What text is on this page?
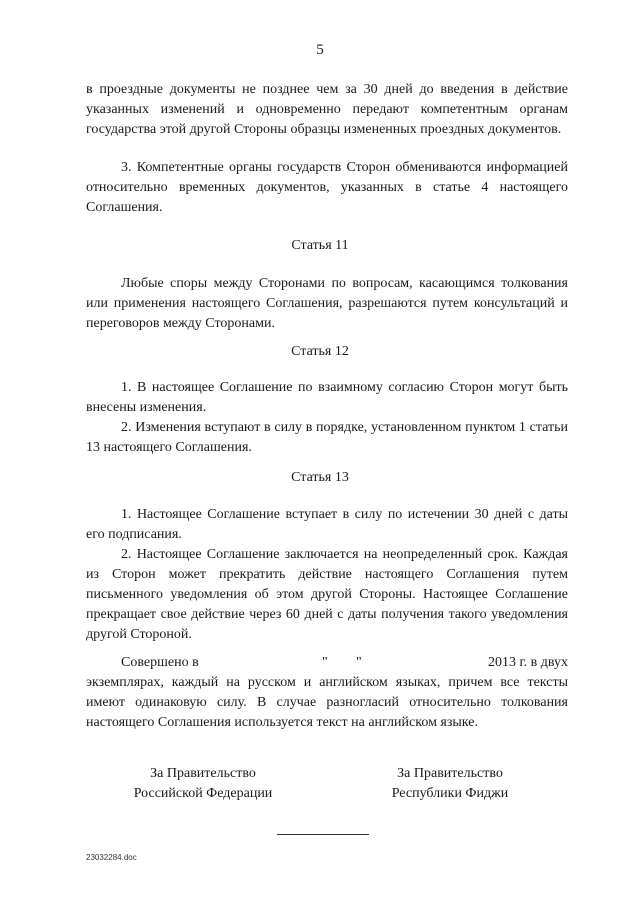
5

в проездные документы не позднее чем за 30 дней до введения в действие указанных изменений и одновременно передают компетентным органам государства этой другой Стороны образцы измененных проездных документов.

3. Компетентные органы государств Сторон обмениваются информацией относительно временных документов, указанных в статье 4 настоящего Соглашения.

Статья 11

Любые споры между Сторонами по вопросам, касающимся толкования или применения настоящего Соглашения, разрешаются путем консультаций и переговоров между Сторонами.

Статья 12

1. В настоящее Соглашение по взаимному согласию Сторон могут быть внесены изменения.

2. Изменения вступают в силу в порядке, установленном пунктом 1 статьи 13 настоящего Соглашения.

Статья 13

1. Настоящее Соглашение вступает в силу по истечении 30 дней с даты его подписания.

2. Настоящее Соглашение заключается на неопределенный срок. Каждая из Сторон может прекратить действие настоящего Соглашения путем письменного уведомления об этом другой Стороны. Настоящее Соглашение прекращает свое действие через 60 дней с даты получения такого уведомления другой Стороной.

Совершено в	" "	2013 г. в двух

экземплярах, каждый на русском и английском языках, причем все тексты имеют одинаковую силу. В случае разногласий относительно толкования настоящего Соглашения используется текст на английском языке.

За Правительство
Российской Федерации
За Правительство
Республики Фиджи
23032284.doc
